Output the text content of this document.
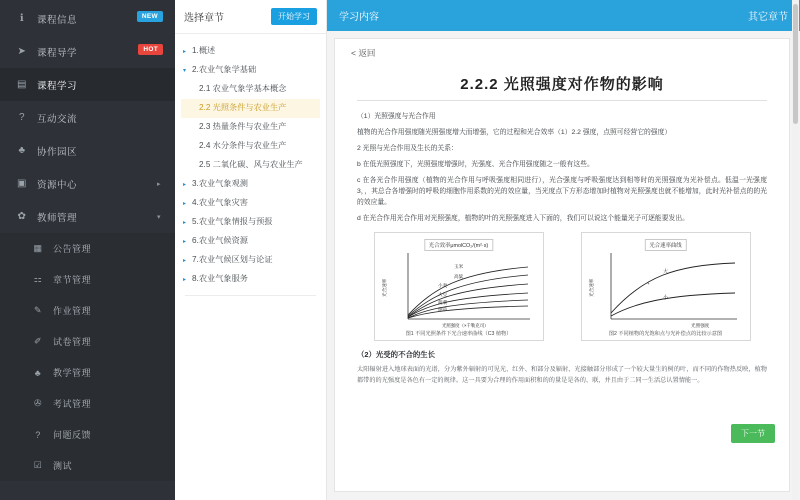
ℹ	课程信息	NEW
➤	课程导学	HOT
▤	课程学习
?	互动交流
♣	协作园区
▣	资源中心	▸
✿	教师管理	▾
▦	公告管理
⚏	章节管理
✎	作业管理
✐	试卷管理
♣	教学管理
✇	考试管理
?	问题反馈
☑	测试
选择章节	开始学习
▸ 1.概述
▾ 2.农业气象学基础
2.1 农业气象学基本概念
2.2 光照条件与农业生产
2.3 热量条件与农业生产
2.4 水分条件与农业生产
2.5 二氧化碳、风与农业生产
▸ 3.农业气象观测
▸ 4.农业气象灾害
▸ 5.农业气象情报与预报
▸ 6.农业气候资源
▸ 7.农业气候区划与论证
▸ 8.农业气象服务
学习内容	其它章节
< 返回
2.2.2 光照强度对作物的影响
（1）光照强度与光合作用
植物的光合作用强度随光照强度增大而增强，它的过程和光合效率（1）2.2 强度，点照可经营它的强度）
2 光照与光合作用及生长的关系：
b 在低光照强度下，光照强度增强时，光强度、光合作用强度随之一般有这些。
c 在各光合作用强度（植物的光合作用与呼吸强度相同进行），光合强度与呼吸强度达到相等时的光照强度为光补偿点。低温一光强度 3，，其总合各增强时的呼吸的细胞作用系数的光的效应量，当光度点下方形态增加时植物对光照强度也就不能增加，此时光补偿点的的光的效应量。
d 在光合作用光合作用对光照强度，植物的叶的光照强度进入下面的，我们可以说这个能量光子可逐能要发出。
光合效率μmolCO₂/(m²·s)
玉米
高粱
小麦
大豆
菠菜
烟草
光合速率
光照强度（×千勒克司）
图1 不同光照条件下光合速率曲线（C3 植物）
光合速率曲线
大
小
+
光合速率
光照强度
图2 不同植物的光饱和点与光补偿点的比较示意图
（2）光受的不合的生长
太阳辐射进入地球表面的光谱，分为紫外辐射的可见光、红外、和部分及辐射、光接触部分形成了一个较大量生的树的叶，而不同的作物热反映，植物都带的的光强度是各色有一定的规律。这一具要为合理的作用面积和的的量是是各的、联，并且由于二同一生活总认置情能一。
下一节
